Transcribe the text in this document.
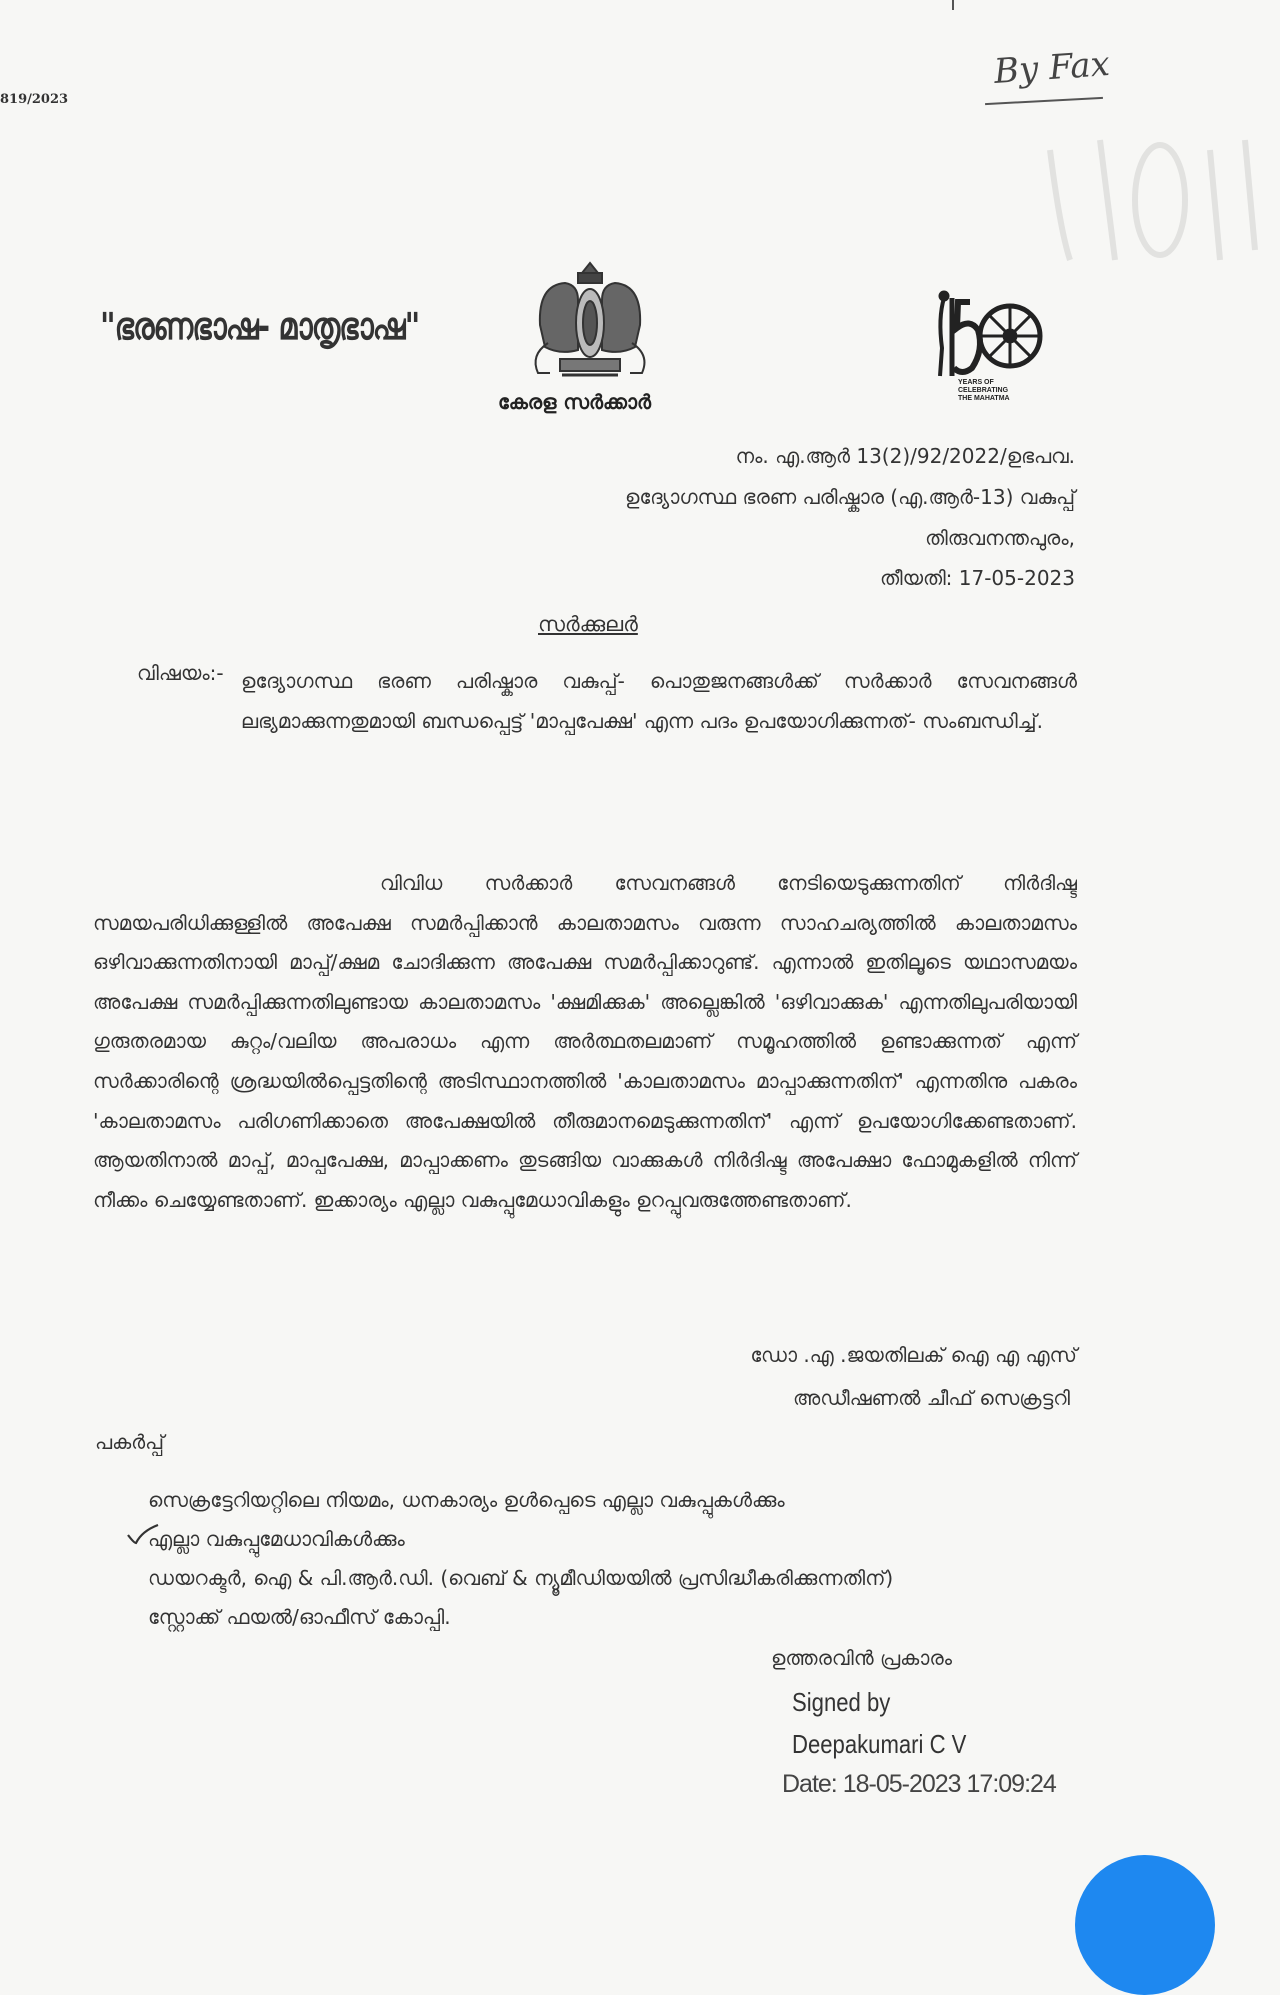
819/2023
By Fax
"ഭരണഭാഷ- മാതൃഭാഷ"
കേരള സർക്കാർ
YEARS OF
CELEBRATING
THE MAHATMA
നം. എ.ആർ 13(2)/92/2022/ഉഭപവ.
ഉദ്യോഗസ്ഥ ഭരണ പരിഷ്കാര (എ.ആർ-13) വകുപ്പ്
തിരുവനന്തപുരം,
തീയതി: 17-05-2023
സർക്കുലർ
വിഷയം:- ഉദ്യോഗസ്ഥ ഭരണ പരിഷ്കാര വകുപ്പ്- പൊതുജനങ്ങൾക്ക് സർക്കാർ സേവനങ്ങൾ ലഭ്യമാക്കുന്നതുമായി ബന്ധപ്പെട്ട് 'മാപ്പപേക്ഷ' എന്ന പദം ഉപയോഗിക്കുന്നത്- സംബന്ധിച്ച്.
വിവിധ സർക്കാർ സേവനങ്ങൾ നേടിയെടുക്കുന്നതിന് നിർദിഷ്ട സമയപരിധിക്കുള്ളിൽ അപേക്ഷ സമർപ്പിക്കാൻ കാലതാമസം വരുന്ന സാഹചര്യത്തിൽ കാലതാമസം ഒഴിവാക്കുന്നതിനായി മാപ്പ്/ക്ഷമ ചോദിക്കുന്ന അപേക്ഷ സമർപ്പിക്കാറുണ്ട്. എന്നാൽ ഇതിലൂടെ യഥാസമയം അപേക്ഷ സമർപ്പിക്കുന്നതിലുണ്ടായ കാലതാമസം 'ക്ഷമിക്കുക' അല്ലെങ്കിൽ 'ഒഴിവാക്കുക' എന്നതിലുപരിയായി ഗുരുതരമായ കുറ്റം/വലിയ അപരാധം എന്ന അർത്ഥതലമാണ് സമൂഹത്തിൽ ഉണ്ടാക്കുന്നത് എന്ന് സർക്കാരിന്റെ ശ്രദ്ധയിൽപ്പെട്ടതിന്റെ അടിസ്ഥാനത്തിൽ 'കാലതാമസം മാപ്പാക്കുന്നതിന്' എന്നതിനു പകരം 'കാലതാമസം പരിഗണിക്കാതെ അപേക്ഷയിൽ തീരുമാനമെടുക്കുന്നതിന്' എന്ന് ഉപയോഗിക്കേണ്ടതാണ്. ആയതിനാൽ മാപ്പ്, മാപ്പപേക്ഷ, മാപ്പാക്കണം തുടങ്ങിയ വാക്കുകൾ നിർദിഷ്ട അപേക്ഷാ ഫോമുകളിൽ നിന്ന് നീക്കം ചെയ്യേണ്ടതാണ്. ഇക്കാര്യം എല്ലാ വകുപ്പുമേധാവികളും ഉറപ്പുവരുത്തേണ്ടതാണ്.
ഡോ .എ .ജയതിലക് ഐ എ എസ്
അഡീഷണൽ ചീഫ് സെക്രട്ടറി
പകർപ്പ്
സെക്രട്ടേറിയറ്റിലെ നിയമം, ധനകാര്യം ഉൾപ്പെടെ എല്ലാ വകുപ്പുകൾക്കും
എല്ലാ വകുപ്പുമേധാവികൾക്കും
ഡയറക്ടർ, ഐ & പി.ആർ.ഡി. (വെബ് & ന്യൂമീഡിയയിൽ പ്രസിദ്ധീകരിക്കുന്നതിന്)
സ്റ്റോക്ക് ഫയൽ/ഓഫീസ് കോപ്പി.
ഉത്തരവിൻ പ്രകാരം
Signed by
Deepakumari C V
Date: 18-05-2023 17:09:24
